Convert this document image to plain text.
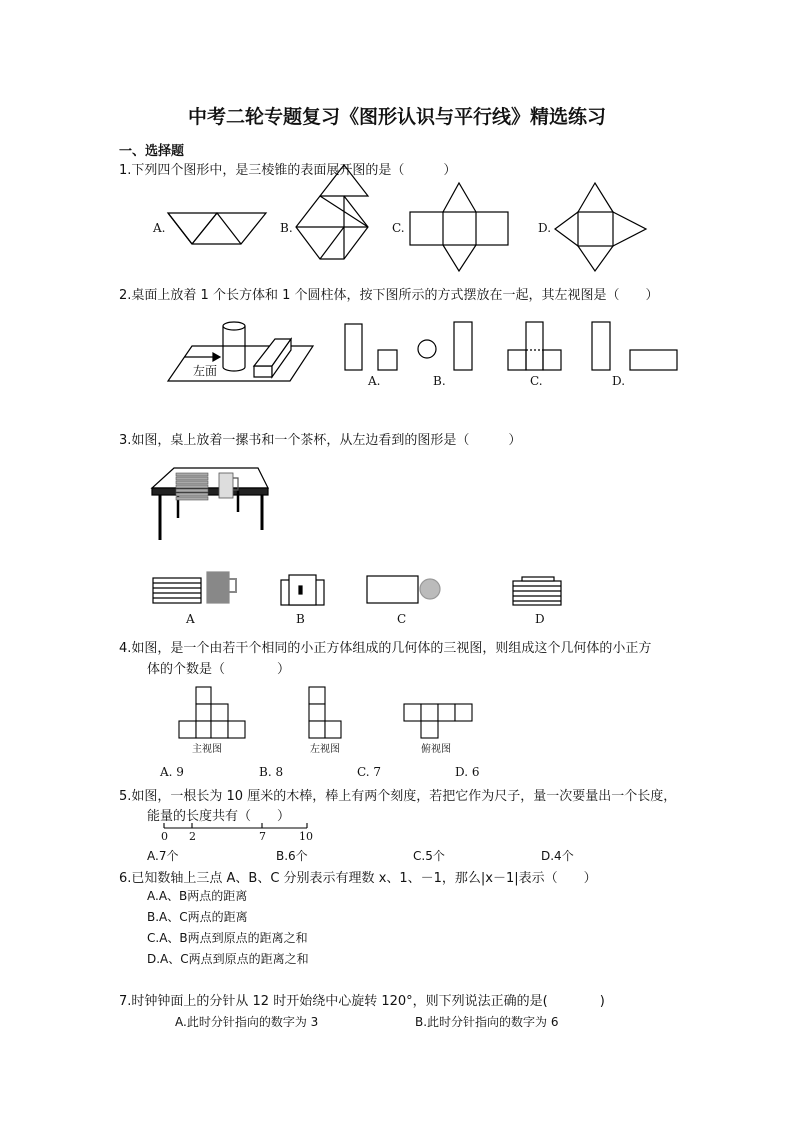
中考二轮专题复习《图形认识与平行线》精选练习
一、选择题
1.下列四个图形中，是三棱锥的表面展开图的是（　　　）
A.	B.	C.	D.
2.桌面上放着 1 个长方体和 1 个圆柱体，按下图所示的方式摆放在一起，其左视图是（　　）
左面
A.	B.	C.	D.
3.如图，桌上放着一摞书和一个茶杯，从左边看到的图形是（　　　）
A	B	C	D
4.如图，是一个由若干个相同的小正方体组成的几何体的三视图，则组成这个几何体的小正方
体的个数是（　　　　）
主视图	左视图	俯视图
A. 9	B. 8	C. 7	D. 6
5.如图，一根长为 10 厘米的木棒，棒上有两个刻度，若把它作为尺子，量一次要量出一个长度，
能量的长度共有（　　）
0 2	7	10
A.7个	B.6个	C.5个	D.4个
6.已知数轴上三点 A、B、C 分别表示有理数 x、1、－1，那么|x－1|表示（　　）
A.A、B两点的距离
B.A、C两点的距离
C.A、B两点到原点的距离之和
D.A、C两点到原点的距离之和
7.时钟钟面上的分针从 12 时开始绕中心旋转 120°，则下列说法正确的是(　　　　)
A.此时分针指向的数字为 3	B.此时分针指向的数字为 6
